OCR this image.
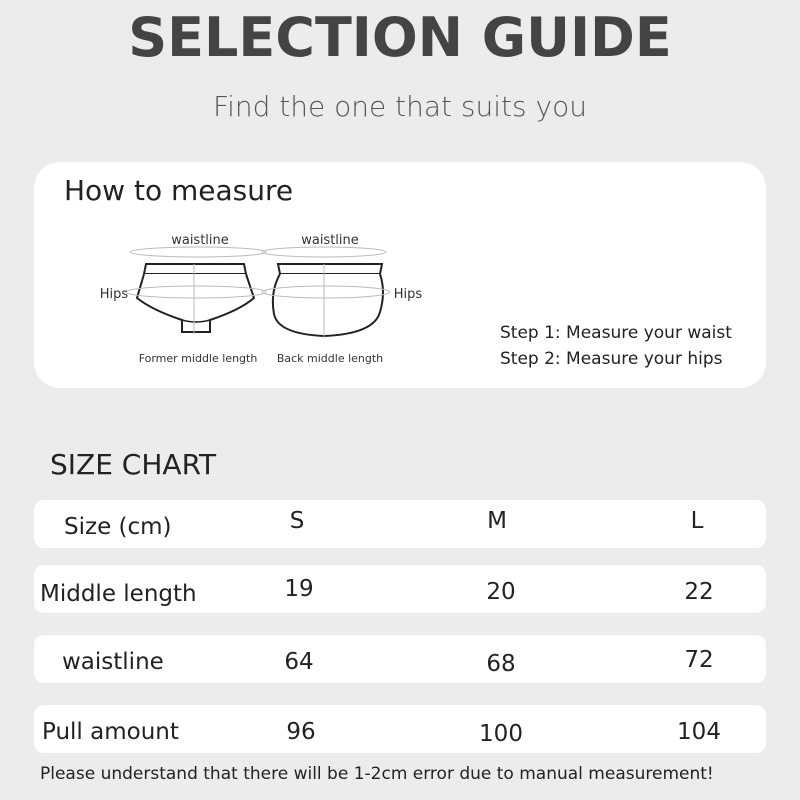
SELECTION GUIDE
Find the one that suits you
How to measure
waistline
Hips
Former middle length
waistline
Hips
Back middle length
Step 1: Measure your waist
Step 2: Measure your hips
SIZE CHART
Size (cm)	S	M	L
Middle length	19	20	22
waistline	64	68	72
Pull amount	96	100	104
Please understand that there will be 1-2cm error due to manual measurement!
